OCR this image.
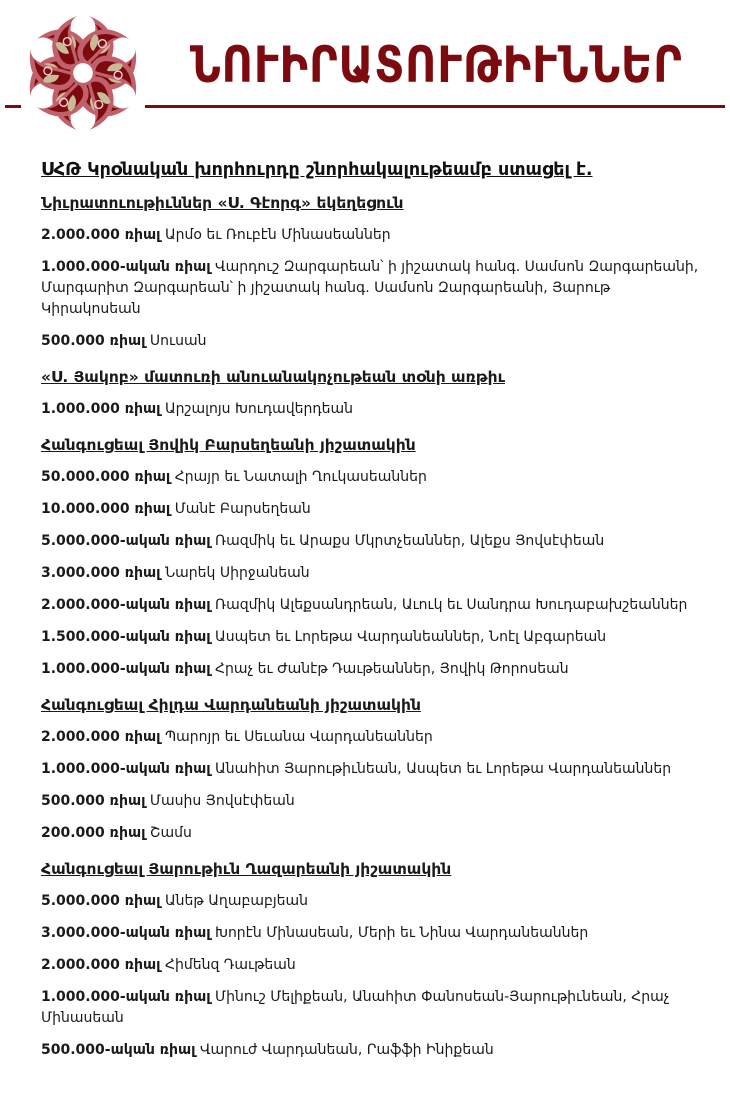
ՆՈՒԻՐԱՏՈՒԹԻՒՆՆԵՐ
ՍՀԹ Կրօնական խորհուրդը շնորհակալութեամբ ստացել է.
Նիւրատուութիւններ «Ս. Գէորգ» եկեղեցուն
2.000.000 ռիալ Արմօ եւ Ռուբէն Մինասեաններ
1.000.000-ական ռիալ Վարդուշ Զարգարեան՝ ի յիշատակ հանգ. Սամսոն Զարգարեանի, Մարգարիտ Զարգարեան՝ ի յիշատակ հանգ. Սամսոն Զարգարեանի, Յարութ Կիրակոսեան
500.000 ռիալ Սուսան
«Ս. Յակոբ» մատուռի անուանակոչութեան տօնի առթիւ
1.000.000 ռիալ Արշալոյս Խուդավերդեան
Հանգուցեալ Յովիկ Բարսեղեանի յիշատակին
50.000.000 ռիալ Հրայր եւ Նատալի Ղուկասեաններ
10.000.000 ռիալ Մանէ Բարսեղեան
5.000.000-ական ռիալ Ռազմիկ եւ Արաքս Մկրտչեաններ, Ալեքս Յովսէփեան
3.000.000 ռիալ Նարեկ Սիրջանեան
2.000.000-ական ռիալ Ռազմիկ Ալեքսանդրեան, Աւուկ եւ Սանդրա Խուդաբախշեաններ
1.500.000-ական ռիալ Ասպետ եւ Լորեթա Վարդանեաններ, Նոէլ Աբգարեան
1.000.000-ական ռիալ Հրաչ եւ Ժանէթ Դաւթեաններ, Յովիկ Թորոսեան
Հանգուցեալ Հիլդա Վարդանեանի յիշատակին
2.000.000 ռիալ Պարոյր եւ Սեւանա Վարդանեաններ
1.000.000-ական ռիալ Անահիտ Յարութիւնեան, Ասպետ եւ Լորեթա Վարդանեաններ
500.000 ռիալ Մասիս Յովսէփեան
200.000 ռիալ Շամս
Հանգուցեալ Յարութիւն Ղազարեանի յիշատակին
5.000.000 ռիալ Անեթ Աղաբաբյեան
3.000.000-ական ռիալ Խորէն Մինասեան, Մերի եւ Նինա Վարդանեաններ
2.000.000 ռիալ Հիմենզ Դաւթեան
1.000.000-ական ռիալ Մինուշ Մելիքեան, Անահիտ Փանոսեան-Յարութիւնեան, Հրաչ Մինասեան
500.000-ական ռիալ Վարուժ Վարդանեան, Րաֆֆի Ինիքեան
